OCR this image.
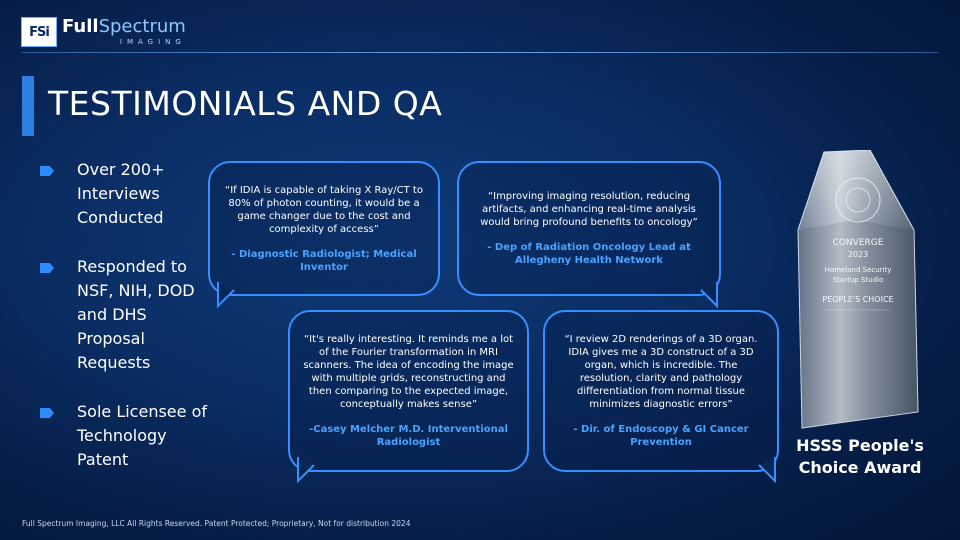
FSi FullSpectrum
IMAGING
TESTIMONIALS AND QA
Over 200+ Interviews Conducted
Responded to NSF, NIH, DOD and DHS Proposal Requests
Sole Licensee of Technology Patent
“If IDIA is capable of taking X Ray/CT to 80% of photon counting, it would be a game changer due to the cost and complexity of access”
- Diagnostic Radiologist; Medical Inventor
“Improving imaging resolution, reducing artifacts, and enhancing real-time analysis would bring profound benefits to oncology”
- Dep of Radiation Oncology Lead at Allegheny Health Network
“It's really interesting. It reminds me a lot of the Fourier transformation in MRI scanners. The idea of encoding the image with multiple grids, reconstructing and then comparing to the expected image, conceptually makes sense”
-Casey Melcher M.D. Interventional Radiologist
“I review 2D renderings of a 3D organ. IDIA gives me a 3D construct of a 3D organ, which is incredible. The resolution, clarity and pathology differentiation from normal tissue minimizes diagnostic errors”
- Dir. of Endoscopy & GI Cancer Prevention
CONVERGE
2023
Homeland Security
Startup Studio
PEOPLE'S CHOICE
HSSS People's Choice Award
Full Spectrum Imaging, LLC All Rights Reserved. Patent Protected; Proprietary, Not for distribution 2024
